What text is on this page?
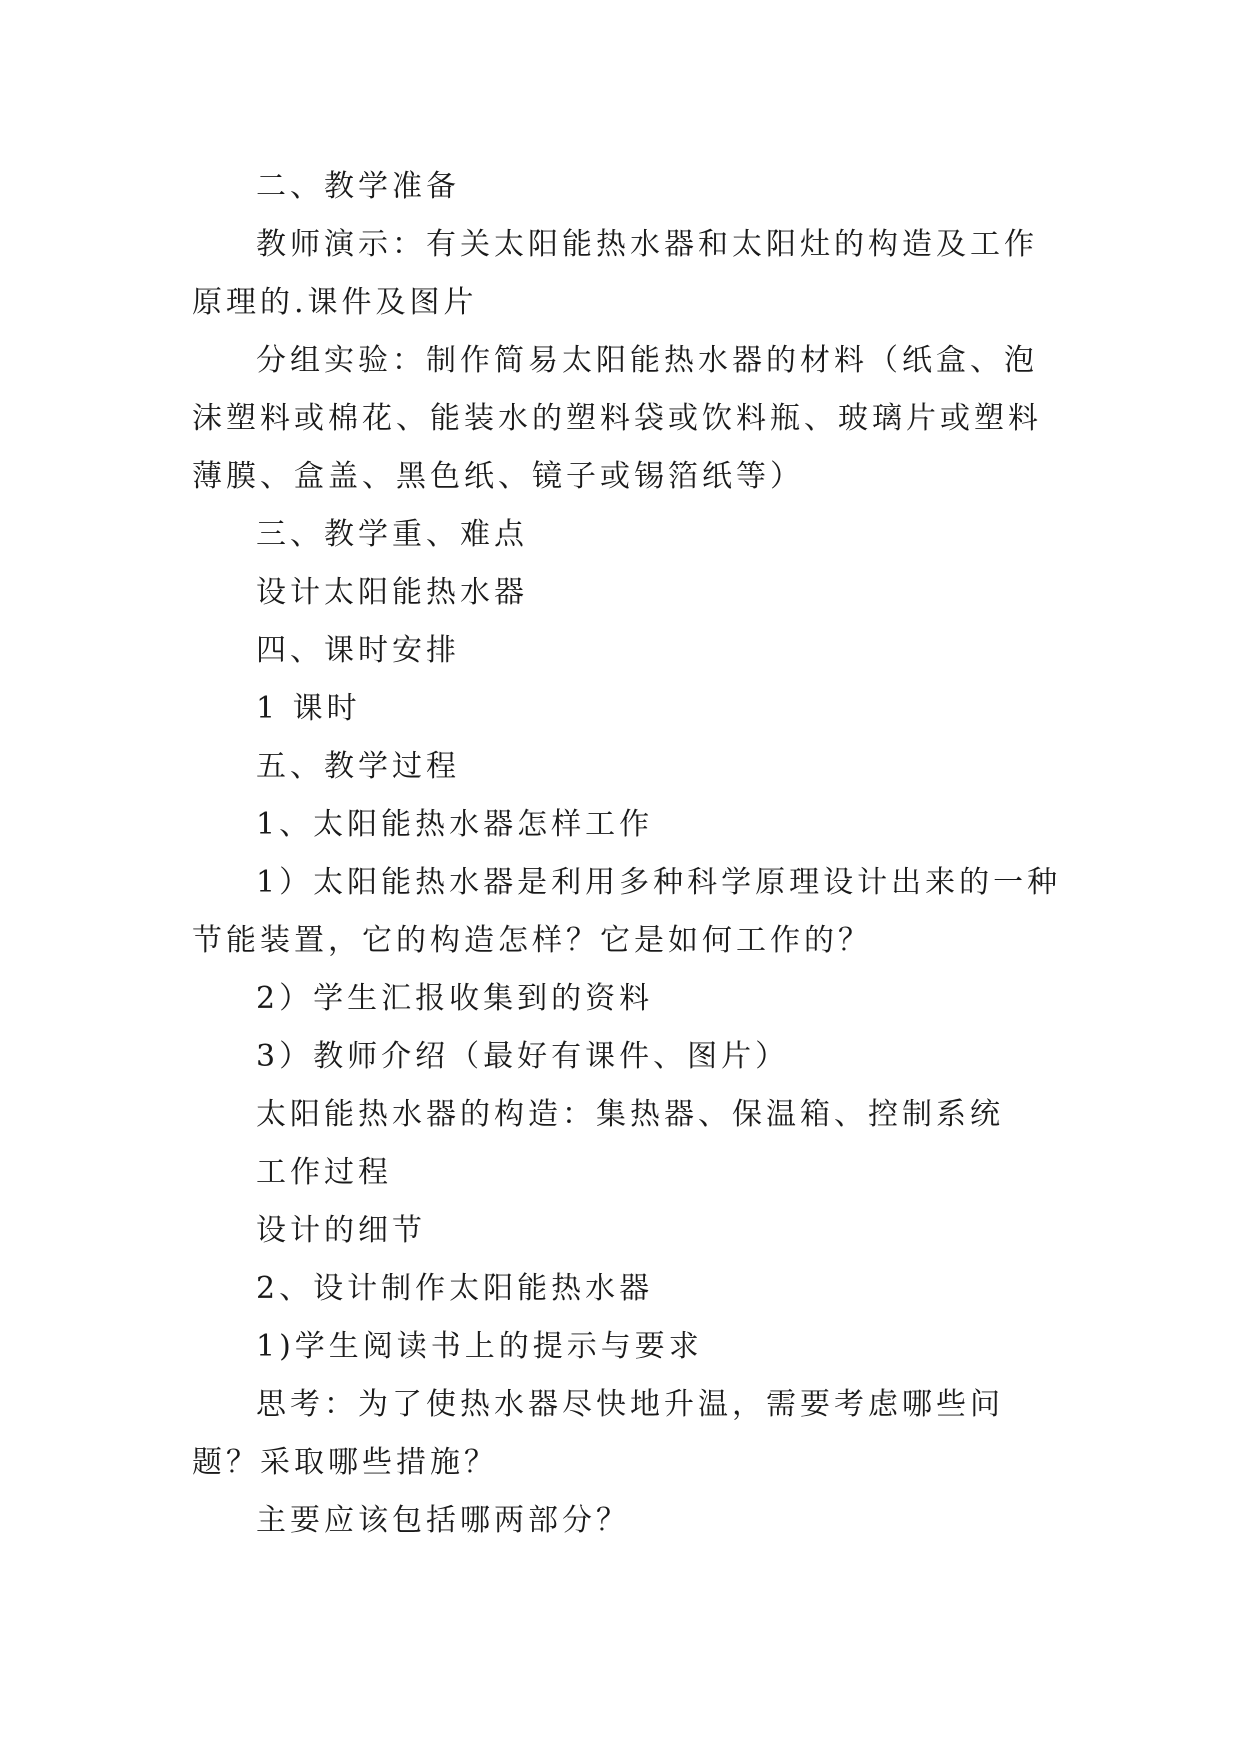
二、教学准备

教师演示：有关太阳能热水器和太阳灶的构造及工作原理的.课件及图片

分组实验：制作简易太阳能热水器的材料（纸盒、泡沫塑料或棉花、能装水的塑料袋或饮料瓶、玻璃片或塑料薄膜、盒盖、黑色纸、镜子或锡箔纸等）

三、教学重、难点

设计太阳能热水器

四、课时安排

1 课时

五、教学过程

1、太阳能热水器怎样工作

1）太阳能热水器是利用多种科学原理设计出来的一种节能装置，它的构造怎样？它是如何工作的？

2）学生汇报收集到的资料

3）教师介绍（最好有课件、图片）

太阳能热水器的构造：集热器、保温箱、控制系统

工作过程

设计的细节

2、设计制作太阳能热水器

1)学生阅读书上的提示与要求

思考：为了使热水器尽快地升温，需要考虑哪些问题？采取哪些措施？

主要应该包括哪两部分？
